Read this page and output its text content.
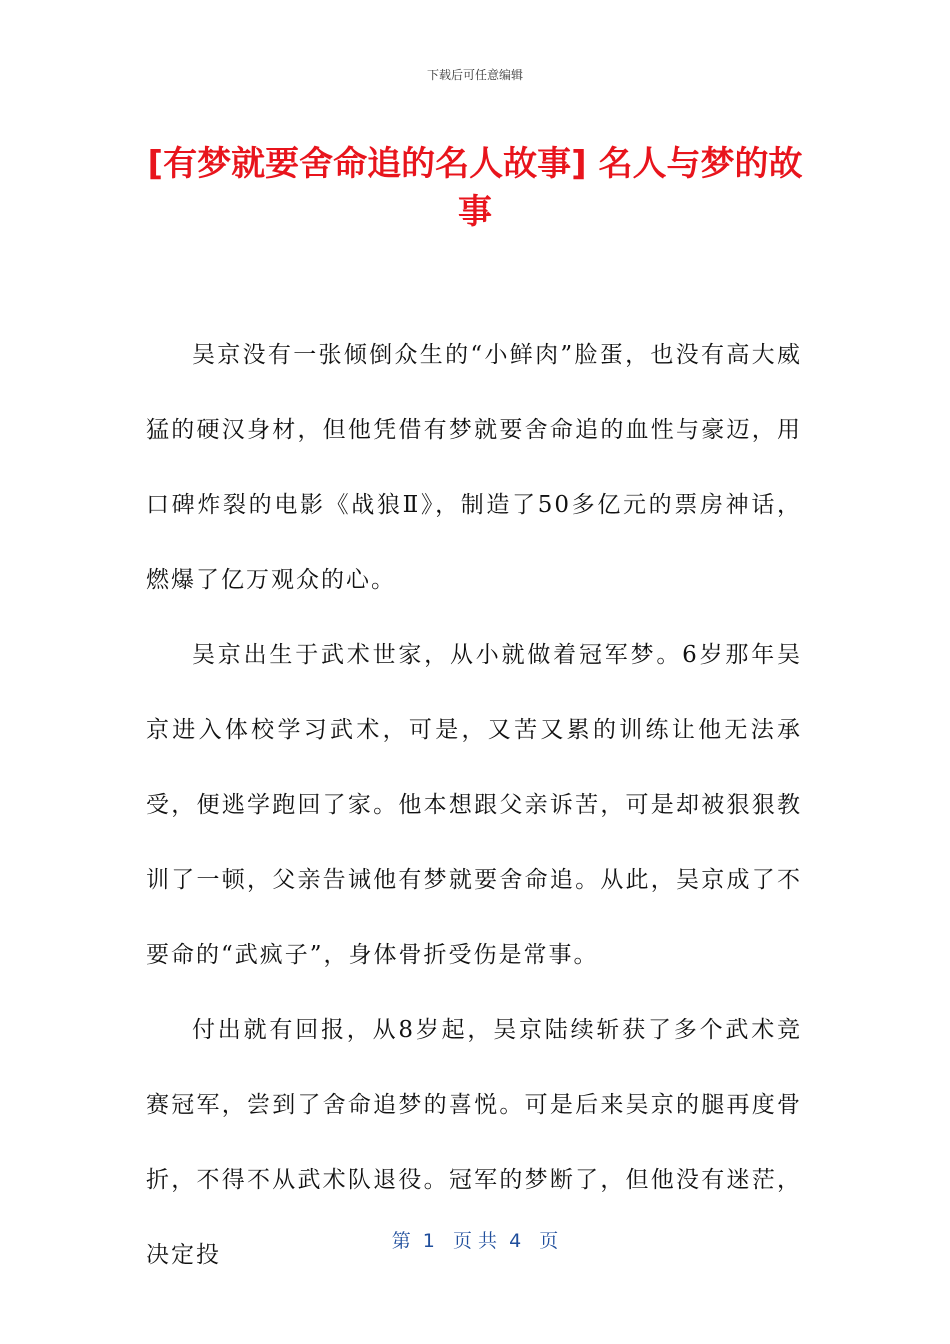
下载后可任意编辑
[有梦就要舍命追的名人故事] 名人与梦的故事

吴京没有一张倾倒众生的“小鲜肉”脸蛋，也没有高大威猛的硬汉身材，但他凭借有梦就要舍命追的血性与豪迈，用口碑炸裂的电影《战狼Ⅱ》，制造了50多亿元的票房神话，燃爆了亿万观众的心。

吴京出生于武术世家，从小就做着冠军梦。6岁那年吴京进入体校学习武术，可是，又苦又累的训练让他无法承受，便逃学跑回了家。他本想跟父亲诉苦，可是却被狠狠教训了一顿，父亲告诫他有梦就要舍命追。从此，吴京成了不要命的“武疯子”，身体骨折受伤是常事。

付出就有回报，从8岁起，吴京陆续斩获了多个武术竞赛冠军，尝到了舍命追梦的喜悦。可是后来吴京的腿再度骨折，不得不从武术队退役。冠军的梦断了，但他没有迷茫，决定投

第  1   页 共  4   页
